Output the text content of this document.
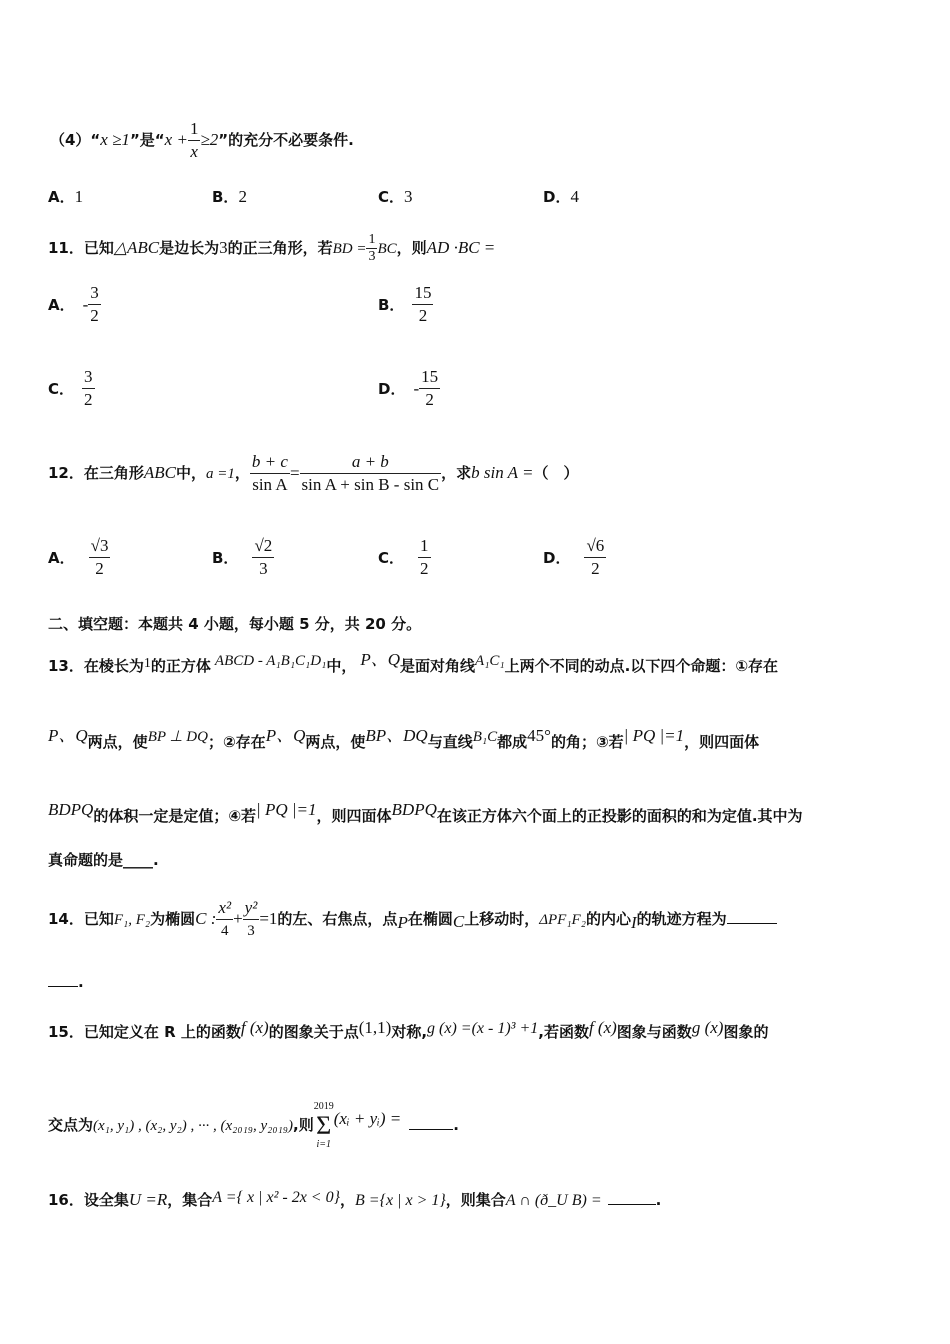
（4）“x ≥1”是“$x + \frac{1}{x} \ge 2$”的充分不必要条件.
A．1	B．2	C．3	D．4
11．已知△ABC是边长为3的正三角形，若BD = $\frac{1}{3}$ BC，则AD ·BC =
A． - $\frac{3}{2}$	B． $\frac{15}{2}$
C． $\frac{3}{2}$	D． - $\frac{15}{2}$
12．在三角形ABC中，a =1， $\frac{b + c}{\text{sin A}} = \frac{a + b}{\text{sin A + sin B - sin C}}$ ，求b sin A =（　）
A． $\frac{√3}{2}$	B． $\frac{√2}{3}$	C． $\frac{1}{2}$	D． $\frac{√6}{2}$
二、填空题：本题共 4 小题，每小题 5 分，共 20 分。
13．在棱长为1的正方体 ABCD - A₁B₁C₁D₁中， P、Q是面对角线A₁C₁上两个不同的动点.以下四个命题：①存在
P、Q两点，使BP ⊥ DQ；②存在P、Q两点，使BP、DQ与直线B₁C都成45°的角；③若| PQ |=1，则四面体
BDPQ的体积一定是定值；④若| PQ |=1，则四面体BDPQ在该正方体六个面上的正投影的面积的和为定值.其中为
真命题的是____.
14．已知F₁, F₂为椭圆C : $\frac{\text{x²}}{4} + \frac{\text{y²}}{3} =1$的左、右焦点，点P在椭圆C上移动时，ΔPF₁F₂的内心I的轨迹方程为
.
15．已知定义在 R 上的函数f (x)的图象关于点(1,1)对称,g (x) =(x - 1)³ +1,若函数f (x)图象与函数g (x)图象的
交点为(x₁, y₁) , (x₂, y₂) , ··· , (x₂₀₁₉, y₂₀₁₉),则
2019
Σ
i=1
(xᵢ + yᵢ) =	.
16．设全集U =R，集合A ={ x | x² - 2x < 0}，B ={x | x > 1}，则集合A ∩ (ð_U B) =	.
